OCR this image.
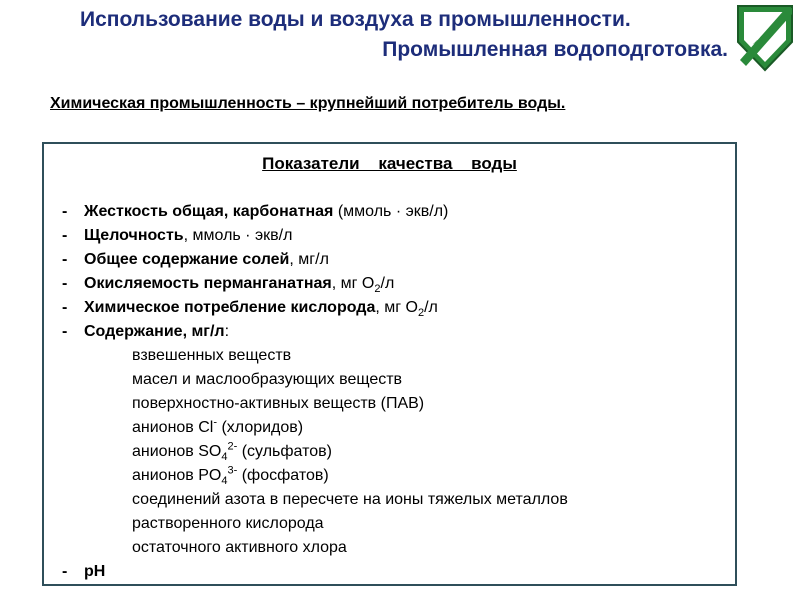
Использование воды и воздуха в промышленности.
Промышленная водоподготовка.	ТвГТУ
Химическая промышленность – крупнейший потребитель воды.
Показатели качества воды
- Жесткость общая, карбонатная (ммоль · экв/л)
- Щелочность, ммоль · экв/л
- Общее содержание солей, мг/л
- Окисляемость перманганатная, мг $О_2/л$
- Химическое потребление кислорода, мг $О_2/л$
- Содержание, мг/л:
взвешенных веществ
масел и маслообразующих веществ
поверхностно-активных веществ (ПАВ)
анионов Cl- (хлоридов)
анионов $SO_4^{2-}$ (сульфатов)
анионов $PO_4^{3-}$ (фосфатов)
соединений азота в пересчете на ионы тяжелых металлов
растворенного кислорода
остаточного активного хлора
- pH
